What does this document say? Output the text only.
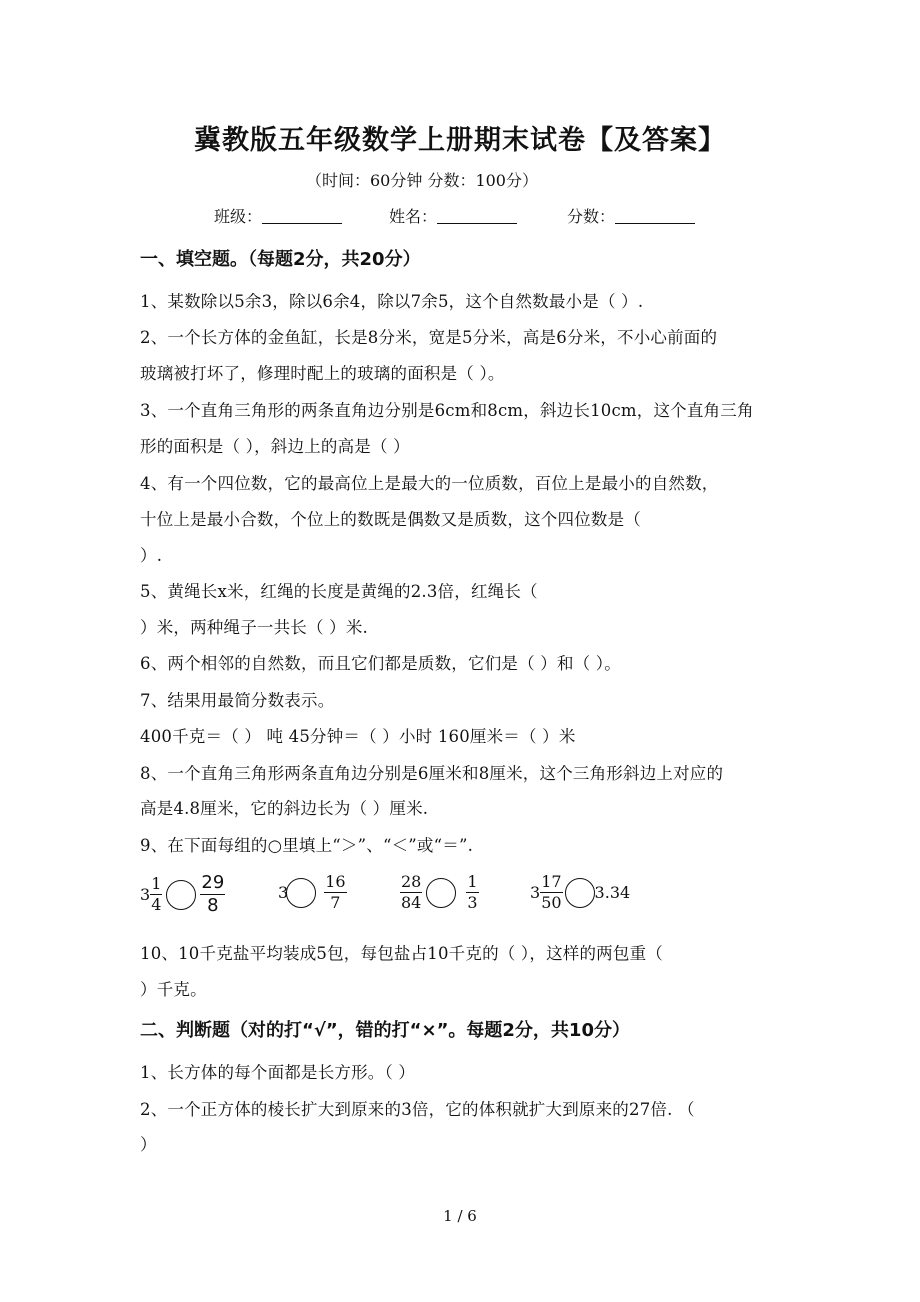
冀教版五年级数学上册期末试卷【及答案】
（时间：60分钟 分数：100分）
班级：	姓名：	分数：
一、填空题。（每题2分，共20分）
1、某数除以5余3，除以6余4，除以7余5，这个自然数最小是（ ）.
2、一个长方体的金鱼缸，长是8分米，宽是5分米，高是6分米，不小心前面的
玻璃被打坏了，修理时配上的玻璃的面积是（ ）。
3、一个直角三角形的两条直角边分别是6cm和8cm，斜边长10cm，这个直角三角
形的面积是（ ），斜边上的高是（ ）
4、有一个四位数，它的最高位上是最大的一位质数，百位上是最小的自然数，
十位上是最小合数，个位上的数既是偶数又是质数，这个四位数是（
）.
5、黄绳长x米，红绳的长度是黄绳的2.3倍，红绳长（
）米，两种绳子一共长（ ）米.
6、两个相邻的自然数，而且它们都是质数，它们是（ ）和（ ）。
7、结果用最简分数表示。
400千克＝（ ） 吨 45分钟＝（ ）小时 160厘米＝（ ）米
8、一个直角三角形两条直角边分别是6厘米和8厘米，这个三角形斜边上对应的
高是4.8厘米，它的斜边长为（ ）厘米.
9、在下面每组的○里填上“＞”、“＜”或“＝”.
$3 \frac{1}{4} \frac{29}{8}$	$3 \frac{16}{7}$	$\frac{28}{84}$	$\frac{1}{3}$	$3 \frac{17}{50} 3.34$
10、10千克盐平均装成5包，每包盐占10千克的（ ），这样的两包重（
）千克。
二、判断题（对的打“√”，错的打“×”。每题2分，共10分）
1、长方体的每个面都是长方形。（ ）
2、一个正方体的棱长扩大到原来的3倍，它的体积就扩大到原来的27倍. （
）
1 / 6
